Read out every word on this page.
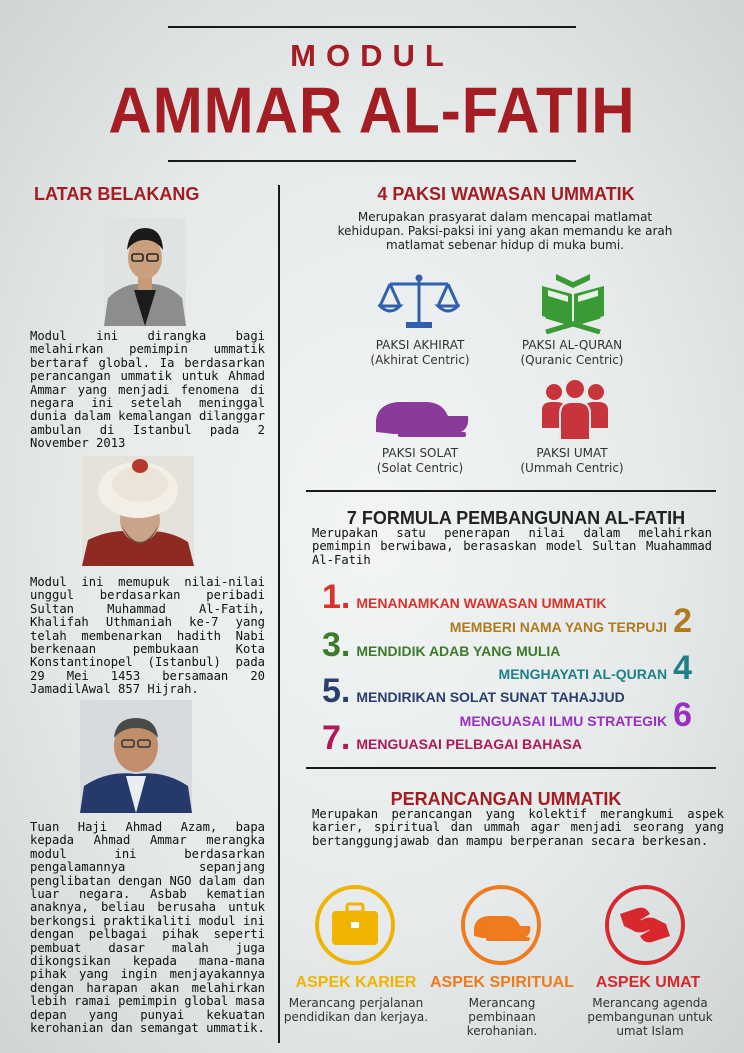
MODUL
AMMAR AL-FATIH
LATAR BELAKANG
Modul ini dirangka bagi melahirkan pemimpin ummatik bertaraf global. Ia berdasarkan perancangan ummatik untuk Ahmad Ammar yang menjadi fenomena di negara ini setelah meninggal dunia dalam kemalangan dilanggar ambulan di Istanbul pada 2 November 2013
Modul ini memupuk nilai-nilai unggul berdasarkan peribadi Sultan Muhammad Al-Fatih, Khalifah Uthmaniah ke-7 yang telah membenarkan hadith Nabi berkenaan pembukaan Kota Konstantinopel (Istanbul) pada 29 Mei 1453 bersamaan 20 JamadilAwal 857 Hijrah.
Tuan Haji Ahmad Azam, bapa kepada Ahmad Ammar merangka modul ini berdasarkan pengalamannya sepanjang penglibatan dengan NGO dalam dan luar negara. Asbab kematian anaknya, beliau berusaha untuk berkongsi praktikaliti modul ini dengan pelbagai pihak seperti pembuat dasar malah juga dikongsikan kepada mana-mana pihak yang ingin menjayakannya dengan harapan akan melahirkan lebih ramai pemimpin global masa depan yang punyai kekuatan kerohanian dan semangat ummatik.
4 PAKSI WAWASAN UMMATIK
Merupakan prasyarat dalam mencapai matlamat kehidupan. Paksi-paksi ini yang akan memandu ke arah matlamat sebenar hidup di muka bumi.
PAKSI AKHIRAT
(Akhirat Centric)
PAKSI AL-QURAN
(Quranic Centric)
PAKSI SOLAT
(Solat Centric)
PAKSI UMAT
(Ummah Centric)
7 FORMULA PEMBANGUNAN AL-FATIH
Merupakan satu penerapan nilai dalam melahirkan pemimpin berwibawa, berasaskan model Sultan Muahammad Al-Fatih
1. MENANAMKAN WAWASAN UMMATIK
MEMBERI NAMA YANG TERPUJI 2
3. MENDIDIK ADAB YANG MULIA
MENGHAYATI AL-QURAN 4
5. MENDIRIKAN SOLAT SUNAT TAHAJJUD
MENGUASAI ILMU STRATEGIK 6
7. MENGUASAI PELBAGAI BAHASA
PERANCANGAN UMMATIK
Merupakan perancangan yang kolektif merangkumi aspek karier, spiritual dan ummah agar menjadi seorang yang bertanggungjawab dan mampu berperanan secara berkesan.
ASPEK KARIER
Merancang perjalanan pendidikan dan kerjaya.
ASPEK SPIRITUAL
Merancang pembinaan kerohanian.
ASPEK UMAT
Merancang agenda pembangunan untuk umat Islam
